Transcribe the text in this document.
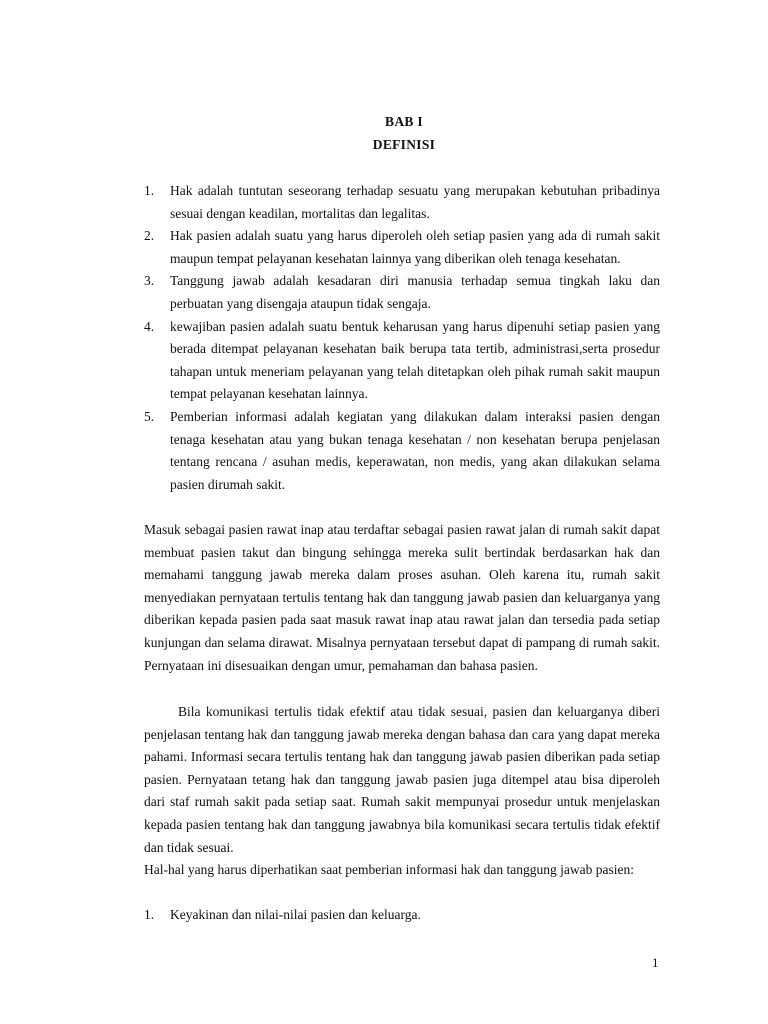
BAB I
DEFINISI
1. Hak adalah tuntutan seseorang terhadap sesuatu yang merupakan kebutuhan pribadinya sesuai dengan keadilan, mortalitas dan legalitas.
2. Hak pasien adalah suatu yang harus diperoleh oleh setiap pasien yang ada di rumah sakit maupun tempat pelayanan kesehatan lainnya yang diberikan oleh tenaga kesehatan.
3. Tanggung jawab adalah kesadaran diri manusia terhadap semua tingkah laku dan perbuatan yang disengaja ataupun tidak sengaja.
4. kewajiban pasien adalah suatu bentuk keharusan yang harus dipenuhi setiap pasien yang berada ditempat pelayanan kesehatan baik berupa tata tertib, administrasi,serta prosedur tahapan untuk meneriam pelayanan yang telah ditetapkan oleh pihak rumah sakit maupun tempat pelayanan kesehatan lainnya.
5. Pemberian informasi adalah kegiatan yang dilakukan dalam interaksi pasien dengan tenaga kesehatan atau yang bukan tenaga kesehatan / non kesehatan berupa penjelasan tentang rencana / asuhan medis, keperawatan, non medis, yang akan dilakukan selama pasien dirumah sakit.

Masuk sebagai pasien rawat inap atau terdaftar sebagai pasien rawat jalan di rumah sakit dapat membuat pasien takut dan bingung sehingga mereka sulit bertindak berdasarkan hak dan memahami tanggung jawab mereka dalam proses asuhan. Oleh karena itu, rumah sakit menyediakan pernyataan tertulis tentang hak dan tanggung jawab pasien dan keluarganya yang diberikan kepada pasien pada saat masuk rawat inap atau rawat jalan dan tersedia pada setiap kunjungan dan selama dirawat. Misalnya pernyataan tersebut dapat di pampang di rumah sakit. Pernyataan ini disesuaikan dengan umur, pemahaman dan bahasa pasien.

Bila komunikasi tertulis tidak efektif atau tidak sesuai, pasien dan keluarganya diberi penjelasan tentang hak dan tanggung jawab mereka dengan bahasa dan cara yang dapat mereka pahami. Informasi secara tertulis tentang hak dan tanggung jawab pasien diberikan pada setiap pasien. Pernyataan tetang hak dan tanggung jawab pasien juga ditempel atau bisa diperoleh dari staf rumah sakit pada setiap saat. Rumah sakit mempunyai prosedur untuk menjelaskan kepada pasien tentang hak dan tanggung jawabnya bila komunikasi secara tertulis tidak efektif dan tidak sesuai.

Hal-hal yang harus diperhatikan saat pemberian informasi hak dan tanggung jawab pasien:

1. Keyakinan dan nilai-nilai pasien dan keluarga.
1
